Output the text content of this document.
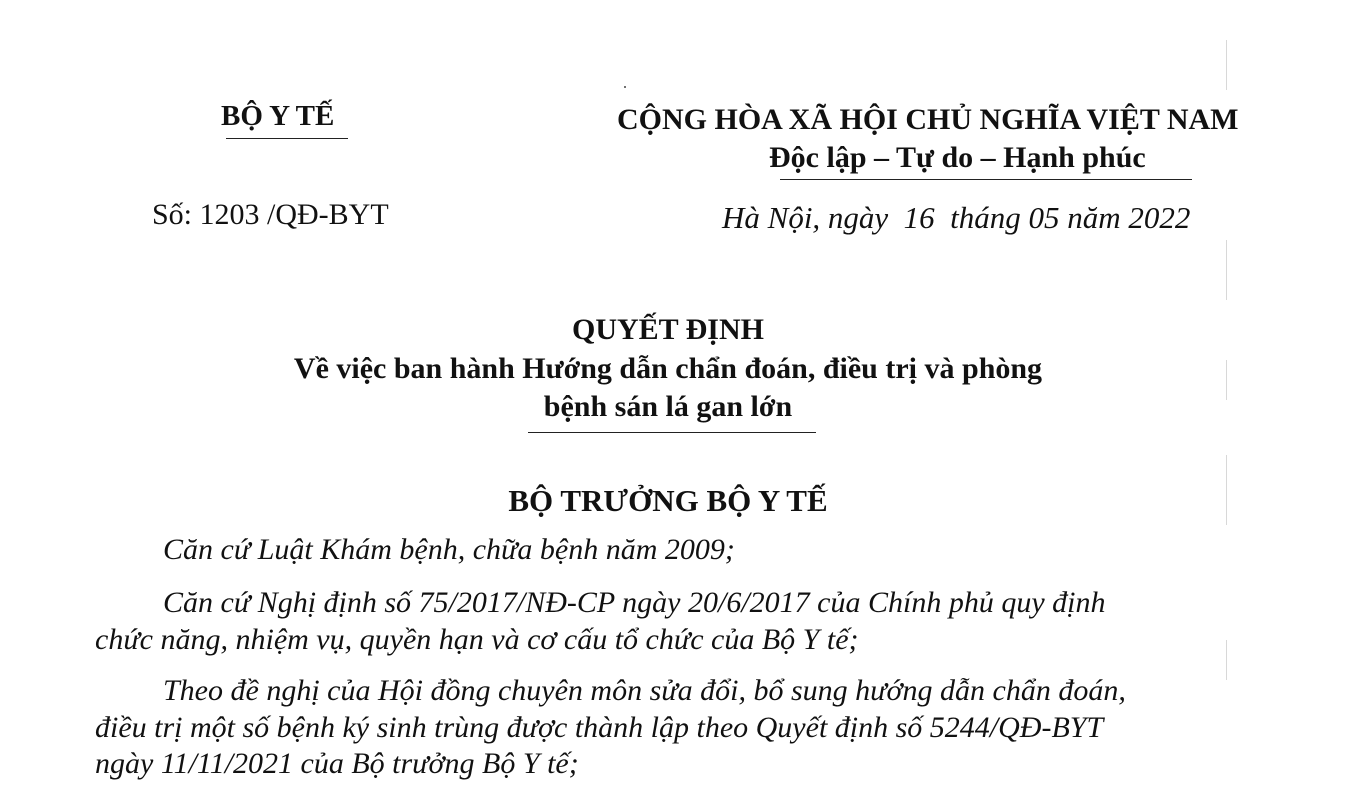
BỘ Y TẾ	CỘNG HÒA XÃ HỘI CHỦ NGHĨA VIỆT NAM
Độc lập – Tự do – Hạnh phúc
Số: 1203 /QĐ-BYT	Hà Nội, ngày  16  tháng 05 năm 2022
QUYẾT ĐỊNH
Về việc ban hành Hướng dẫn chẩn đoán, điều trị và phòng
bệnh sán lá gan lớn
BỘ TRƯỞNG BỘ Y TẾ
Căn cứ Luật Khám bệnh, chữa bệnh năm 2009;
Căn cứ Nghị định số 75/2017/NĐ-CP ngày 20/6/2017 của Chính phủ quy định
chức năng, nhiệm vụ, quyền hạn và cơ cấu tổ chức của Bộ Y tế;
Theo đề nghị của Hội đồng chuyên môn sửa đổi, bổ sung hướng dẫn chẩn đoán,
điều trị một số bệnh ký sinh trùng được thành lập theo Quyết định số 5244/QĐ-BYT
ngày 11/11/2021 của Bộ trưởng Bộ Y tế;
